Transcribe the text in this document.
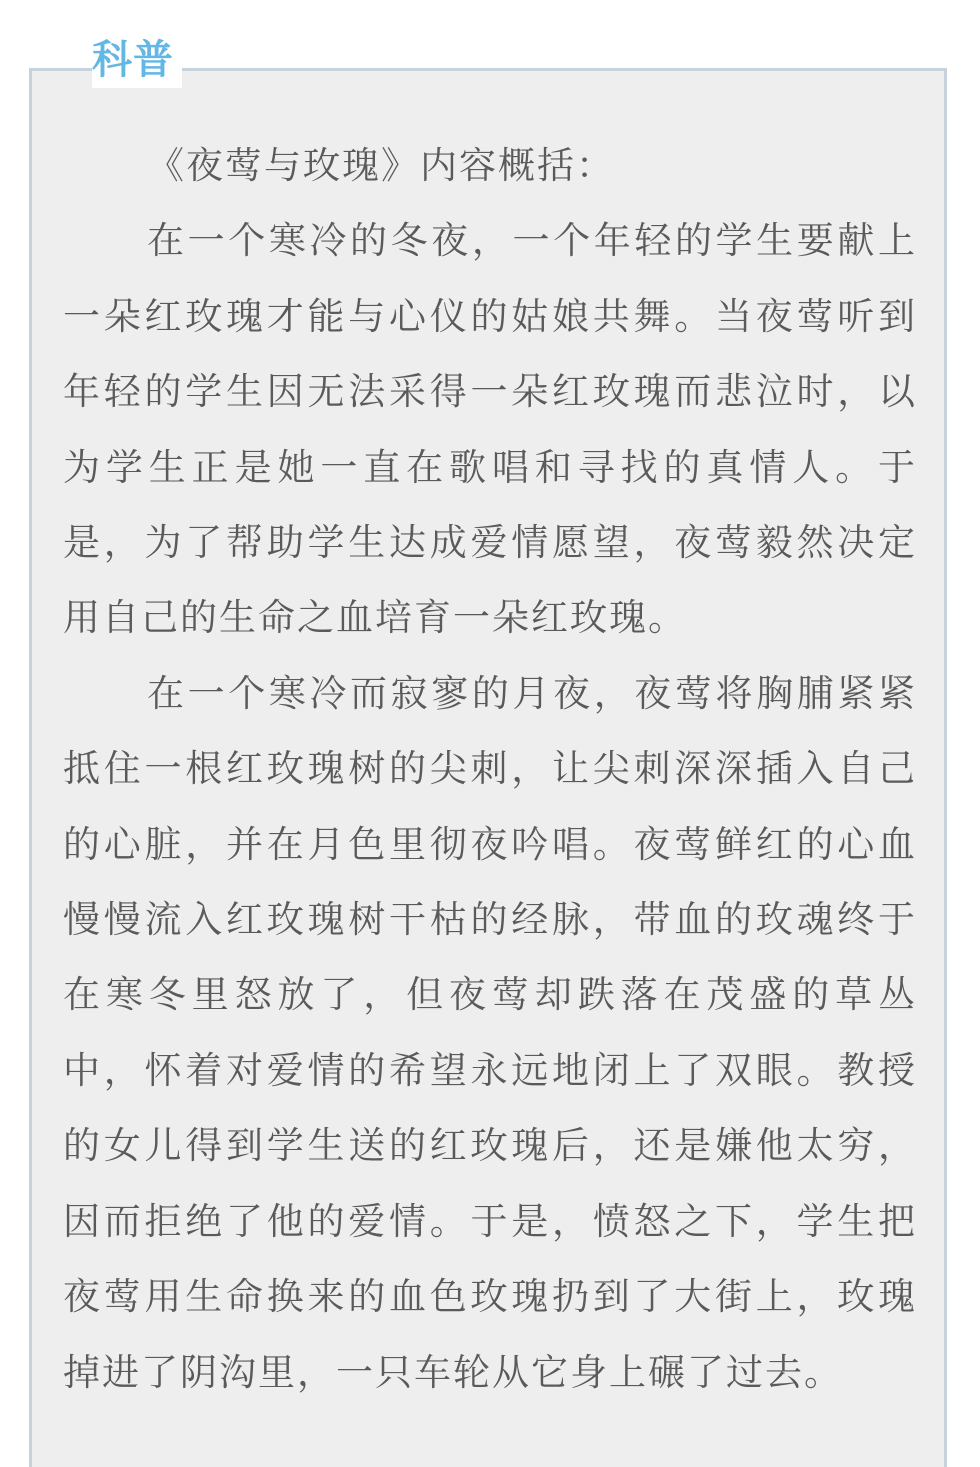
科普

《夜莺与玫瑰》内容概括：

在一个寒冷的冬夜，一个年轻的学生要献上一朵红玫瑰才能与心仪的姑娘共舞。当夜莺听到年轻的学生因无法采得一朵红玫瑰而悲泣时，以为学生正是她一直在歌唱和寻找的真情人。于是，为了帮助学生达成爱情愿望，夜莺毅然决定用自己的生命之血培育一朵红玫瑰。

在一个寒冷而寂寥的月夜，夜莺将胸脯紧紧抵住一根红玫瑰树的尖刺，让尖刺深深插入自己的心脏，并在月色里彻夜吟唱。夜莺鲜红的心血慢慢流入红玫瑰树干枯的经脉，带血的玫魂终于在寒冬里怒放了，但夜莺却跌落在茂盛的草丛中，怀着对爱情的希望永远地闭上了双眼。教授的女儿得到学生送的红玫瑰后，还是嫌他太穷，因而拒绝了他的爱情。于是，愤怒之下，学生把夜莺用生命换来的血色玫瑰扔到了大街上，玫瑰掉进了阴沟里，一只车轮从它身上碾了过去。
